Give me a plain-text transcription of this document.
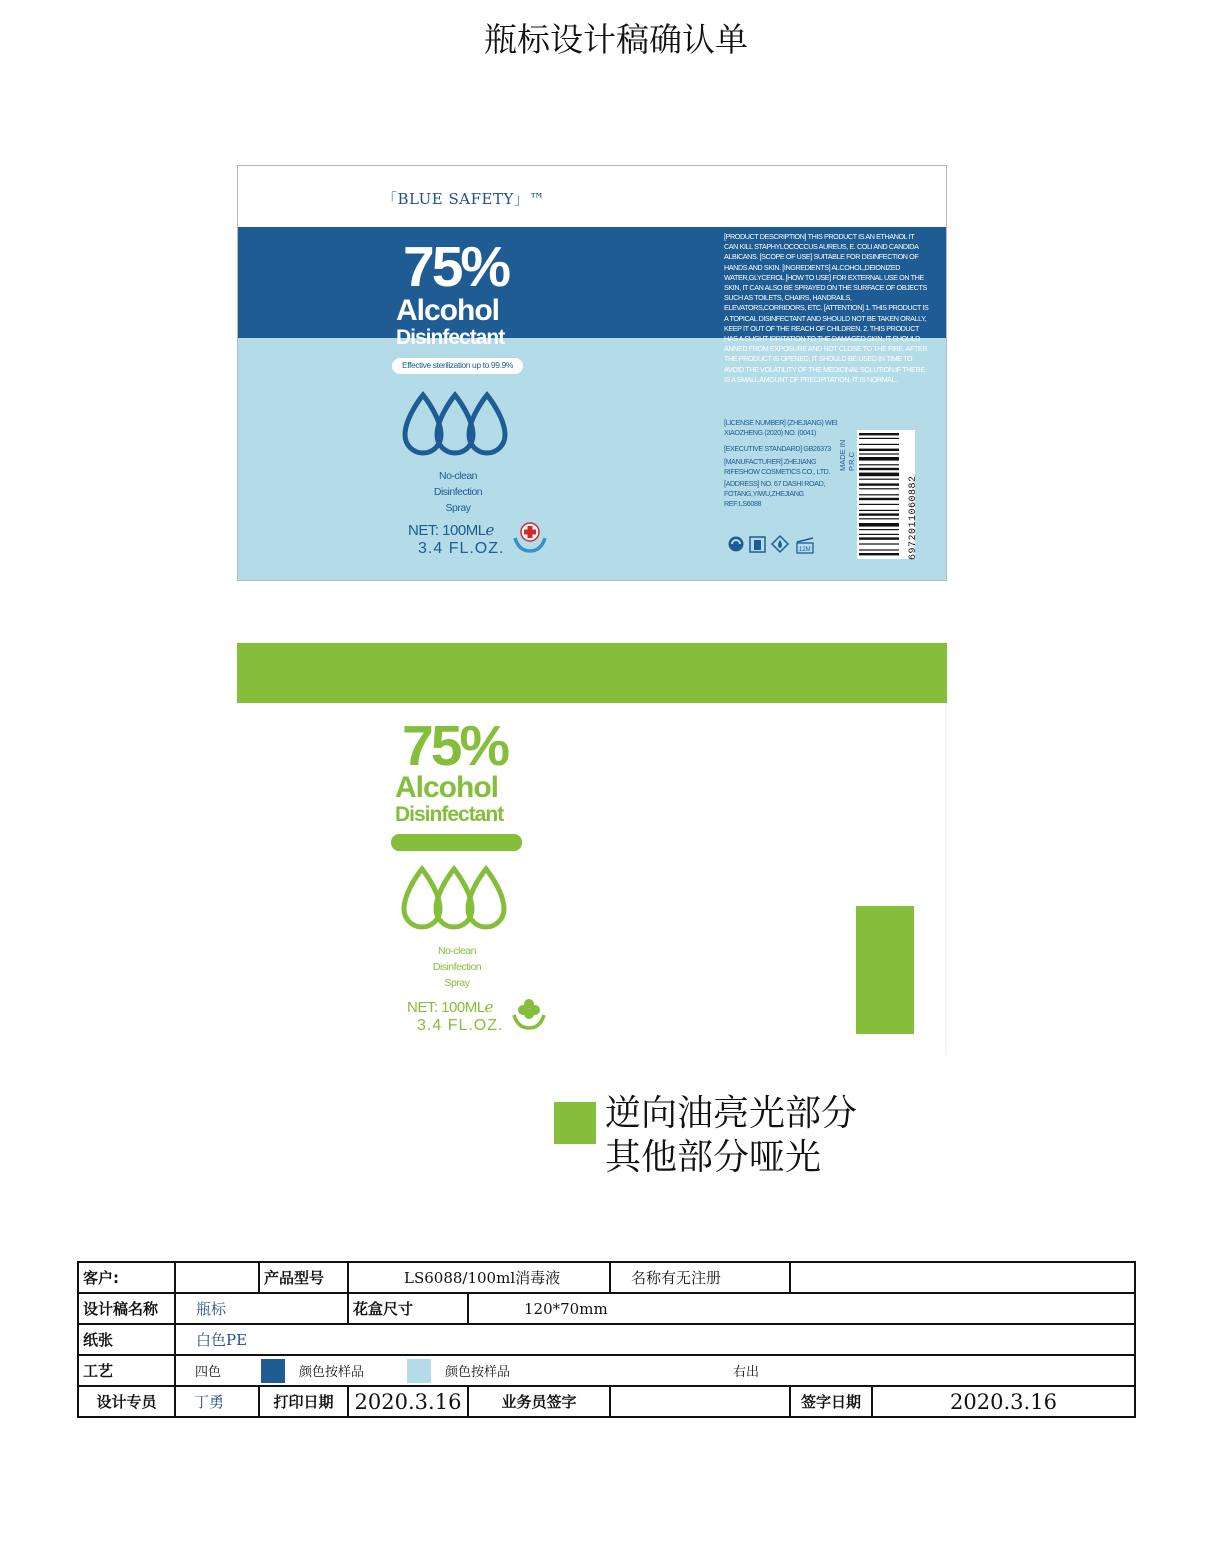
瓶标设计稿确认单
「BLUE SAFETY」™
75%
Alcohol
Disinfectant
Effective sterilization up to 99.9%
No-clean
Disinfection
Spray
NET: 100MLℯ
3.4 FL.OZ.
[PRODUCT DESCRIPTION] THIS PRODUCT IS AN ETHANOL IT CAN KILL STAPHYLOCOCCUS AUREUS, E. COLI AND CANDIDA ALBICANS. [SCOPE OF USE] SUITABLE FOR DISINFECTION OF HANDS AND SKIN. [INGREDIENTS] ALCOHOL,DEIONIZED WATER,GLYCEROL [HOW TO USE] FOR EXTERNAL USE ON THE SKIN, IT CAN ALSO BE SPRAYED ON THE SURFACE OF OBJECTS SUCH AS TOILETS, CHAIRS, HANDRAILS, ELEVATORS,CORRIDORS, ETC. [ATTENTION] 1. THIS PRODUCT IS A TOPICAL DISINFECTANT AND SHOULD NOT BE TAKEN ORALLY, KEEP IT OUT OF THE REACH OF CHILDREN. 2. THIS PRODUCT HAS A SLIGHT IRRITATION TO THE DAMAGED SKIN, IT SHOULD ANNED FROM EXPOSURE AND NOT CLOSE TO THE FIRE. AFTER THE PRODUCT IS OPENED, IT SHOULD BE USED IN TIME TO AVOID THE VOLATILITY OF THE MEDICINAL SOLUTION.IF THERE IS A SMALL AMOUNT OF PRECIPITATION, IT IS NORMAL.
[LICENSE NUMBER] (ZHEJIANG) WEI XIAOZHENG (2020) NO. (0041)
[EXECUTIVE STANDARD] GB26373
[MANUFACTURER] ZHEJIANG RIFESHOW COSMETICS CO., LTD.
[ADDRESS] NO. 67 DASHI ROAD, FOTANG,YIWU,ZHEJIANG
REF:LS6088
12M
MADE IN P.R.C
6972011060882
75%
Alcohol
Disinfectant
No-clean
Disinfection
Spray
NET: 100MLℯ
3.4 FL.OZ.
逆向油亮光部分
其他部分哑光
客户:		产品型号	LS6088/100ml消毒液		名称有无注册		
设计稿名称	瓶标		花盒尺寸	120*70mm			
纸张	白色PE						
工艺	四色 颜色按样品 颜色按样品 右出						

设计专员	丁勇	打印日期	2020.3.16	业务员签字		签字日期	2020.3.16
